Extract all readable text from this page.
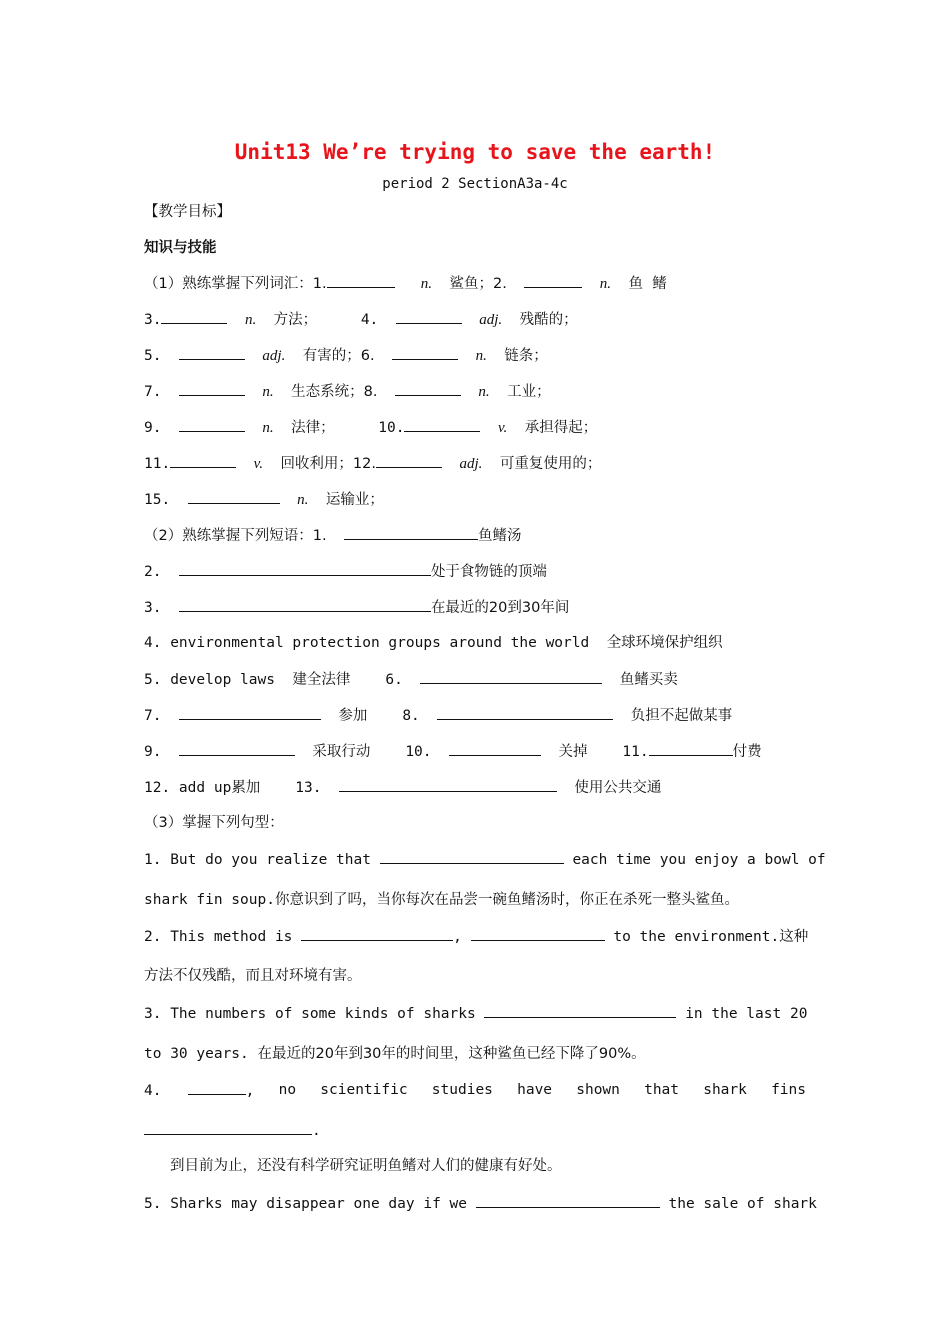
Unit13 We’re trying to save the earth!
period 2 SectionA3a-4c
【教学目标】
知识与技能
（1）熟练掌握下列词汇：1.	n. 鲨鱼；2.	n. 鱼  鳍
3.	n. 方法；	4.	adj. 残酷的；
5.	adj. 有害的；6.	n. 链条；
7.	n. 生态系统；8.	n. 工业；
9.	n. 法律；	10.	v. 承担得起；
11.	v. 回收利用；12.	adj. 可重复使用的；
15.	n. 运输业；
（2）熟练掌握下列短语：1.	鱼鳍汤
2.	处于食物链的顶端
3.	在最近的20到30年间
4. environmental protection groups around the world 全球环境保护组织
5. develop laws 建全法律 6.	鱼鳍买卖
7.	参加 8.	负担不起做某事
9.	采取行动 10.	关掉 11.	付费
12. add up累加 13.	使用公共交通
（3）掌握下列句型：
1. But do you realize that	each time you enjoy a bowl of
shark fin soup.你意识到了吗，当你每次在品尝一碗鱼鳍汤时，你正在杀死一整头鲨鱼。
2. This method is	,	to the environment.这种
方法不仅残酷，而且对环境有害。
3. The numbers of some kinds of sharks	in the last 20
to 30 years. 在最近的20年到30年的时间里，这种鲨鱼已经下降了90%。
4.	, no scientific studies have shown that shark fins
.
到目前为止，还没有科学研究证明鱼鳍对人们的健康有好处。
5. Sharks may disappear one day if we	the sale of shark
